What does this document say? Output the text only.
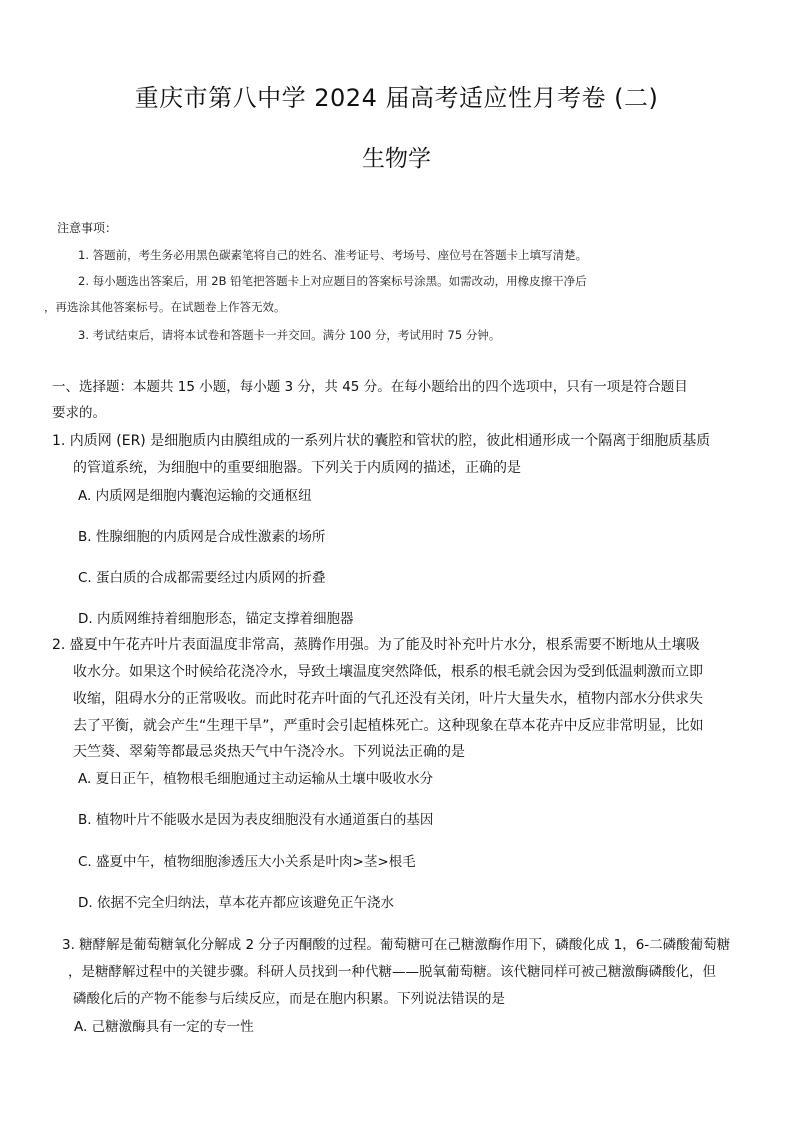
重庆市第八中学 2024 届高考适应性月考卷 (二)
生物学
注意事项：
1. 答题前，考生务必用黑色碳素笔将自己的姓名、准考证号、考场号、座位号在答题卡上填写清楚。
2. 每小题选出答案后，用 2B 铅笔把答题卡上对应题目的答案标号涂黑。如需改动，用橡皮擦干净后
，再选涂其他答案标号。在试题卷上作答无效。
3. 考试结束后，请将本试卷和答题卡一并交回。满分 100 分，考试用时 75 分钟。
一、选择题：本题共 15 小题，每小题 3 分，共 45 分。在每小题给出的四个选项中，只有一项是符合题目
要求的。
1. 内质网 (ER) 是细胞质内由膜组成的一系列片状的囊腔和管状的腔，彼此相通形成一个隔离于细胞质基质
的管道系统，为细胞中的重要细胞器。下列关于内质网的描述，正确的是
A. 内质网是细胞内囊泡运输的交通枢纽
B. 性腺细胞的内质网是合成性激素的场所
C. 蛋白质的合成都需要经过内质网的折叠
D. 内质网维持着细胞形态，锚定支撑着细胞器
2. 盛夏中午花卉叶片表面温度非常高，蒸腾作用强。为了能及时补充叶片水分，根系需要不断地从土壤吸
收水分。如果这个时候给花浇冷水，导致土壤温度突然降低，根系的根毛就会因为受到低温刺激而立即
收缩，阻碍水分的正常吸收。而此时花卉叶面的气孔还没有关闭，叶片大量失水，植物内部水分供求失
去了平衡，就会产生“生理干旱”，严重时会引起植株死亡。这种现象在草本花卉中反应非常明显，比如
天竺葵、翠菊等都最忌炎热天气中午浇冷水。下列说法正确的是
A. 夏日正午，植物根毛细胞通过主动运输从土壤中吸收水分
B. 植物叶片不能吸水是因为表皮细胞没有水通道蛋白的基因
C. 盛夏中午，植物细胞渗透压大小关系是叶肉>茎>根毛
D. 依据不完全归纳法，草本花卉都应该避免正午浇水
3. 糖酵解是葡萄糖氧化分解成 2 分子丙酮酸的过程。葡萄糖可在己糖激酶作用下，磷酸化成 1，6-二磷酸葡萄糖
，是糖酵解过程中的关键步骤。科研人员找到一种代糖——脱氧葡萄糖。该代糖同样可被己糖激酶磷酸化，但
磷酸化后的产物不能参与后续反应，而是在胞内积累。下列说法错误的是
A. 己糖激酶具有一定的专一性
